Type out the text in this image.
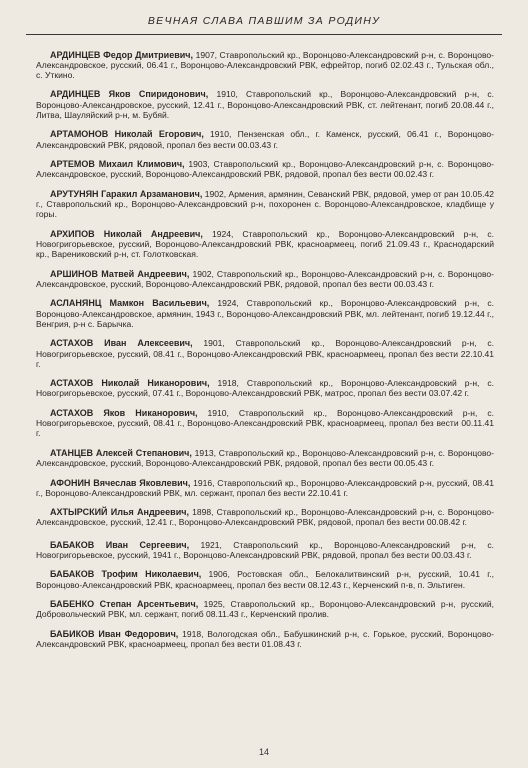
ВЕЧНАЯ СЛАВА ПАВШИМ ЗА РОДИНУ

АРДИНЦЕВ Федор Дмитриевич, 1907, Ставропольский кр., Воронцово-Александровский р-н, с. Воронцово-Александровское, русский, 06.41 г., Воронцово-Александровский РВК, ефрейтор, погиб 02.02.43 г., Тульская обл., с. Уткино.

АРДИНЦЕВ Яков Спиридонович, 1910, Ставропольский кр., Воронцово-Александровский р-н, с. Воронцово-Александровское, русский, 12.41 г., Воронцово-Александровский РВК, ст. лейтенант, погиб 20.08.44 г., Литва, Шауляйский р-н, м. Бубяй.

АРТАМОНОВ Николай Егорович, 1910, Пензенская обл., г. Каменск, русский, 06.41 г., Воронцово-Александровский РВК, рядовой, пропал без вести 00.03.43 г.

АРТЕМОВ Михаил Климович, 1903, Ставропольский кр., Воронцово-Александровский р-н, с. Воронцово-Александровское, русский, Воронцово-Александровский РВК, рядовой, пропал без вести 00.02.43 г.

АРУТУНЯН Гаракил Арзаманович, 1902, Армения, армянин, Севанский РВК, рядовой, умер от ран 10.05.42 г., Ставропольский кр., Воронцово-Александровский р-н, похоронен с. Воронцово-Александровское, кладбище у горы.

АРХИПОВ Николай Андреевич, 1924, Ставропольский кр., Воронцово-Александровский р-н, с. Новогригорьевское, русский, Воронцово-Александровский РВК, красноармеец, погиб 21.09.43 г., Краснодарский кр., Варениковский р-н, ст. Голотковская.

АРШИНОВ Матвей Андреевич, 1902, Ставропольский кр., Воронцово-Александровский р-н, с. Воронцово-Александровское, русский, Воронцово-Александровский РВК, рядовой, пропал без вести 00.03.43 г.

АСЛАНЯНЦ Мамкон Васильевич, 1924, Ставропольский кр., Воронцово-Александровский р-н, с. Воронцово-Александровское, армянин, 1943 г., Воронцово-Александровский РВК, мл. лейтенант, погиб 19.12.44 г., Венгрия, р-н с. Барычка.

АСТАХОВ Иван Алексеевич, 1901, Ставропольский кр., Воронцово-Александровский р-н, с. Новогригорьевское, русский, 08.41 г., Воронцово-Александровский РВК, красноармеец, пропал без вести 22.10.41 г.

АСТАХОВ Николай Никанорович, 1918, Ставропольский кр., Воронцово-Александровский р-н, с. Новогригорьевское, русский, 07.41 г., Воронцово-Александровский РВК, матрос, пропал без вести 03.07.42 г.

АСТАХОВ Яков Никанорович, 1910, Ставропольский кр., Воронцово-Александровский р-н, с. Новогригорьевское, русский, 08.41 г., Воронцово-Александровский РВК, красноармеец, пропал без вести 00.11.41 г.

АТАНЦЕВ Алексей Степанович, 1913, Ставропольский кр., Воронцово-Александровский р-н, с. Воронцово-Александровское, русский, Воронцово-Александровский РВК, рядовой, пропал без вести 00.05.43 г.

АФОНИН Вячеслав Яковлевич, 1916, Ставропольский кр., Воронцово-Александровский р-н, русский, 08.41 г., Воронцово-Александровский РВК, мл. сержант, пропал без вести 22.10.41 г.

АХТЫРСКИЙ Илья Андреевич, 1898, Ставропольский кр., Воронцово-Александровский р-н, с. Воронцово-Александровское, русский, 12.41 г., Воронцово-Александровский РВК, рядовой, пропал без вести 00.08.42 г.

БАБАКОВ Иван Сергеевич, 1921, Ставропольский кр., Воронцово-Александровский р-н, с. Новогригорьевское, русский, 1941 г., Воронцово-Александровский РВК, рядовой, пропал без вести 00.03.43 г.

БАБАКОВ Трофим Николаевич, 1906, Ростовская обл., Белокалитвинский р-н, русский, 10.41 г., Воронцово-Александровский РВК, красноармеец, пропал без вести 08.12.43 г., Керченский п-в, п. Эльтиген.

БАБЕНКО Степан Арсентьевич, 1925, Ставропольский кр., Воронцово-Александровский р-н, русский, Добровольческий РВК, мл. сержант, погиб 08.11.43 г., Керченский пролив.

БАБИКОВ Иван Федорович, 1918, Вологодская обл., Бабушкинский р-н, с. Горькое, русский, Воронцово-Александровский РВК, красноармеец, пропал без вести 01.08.43 г.

14
